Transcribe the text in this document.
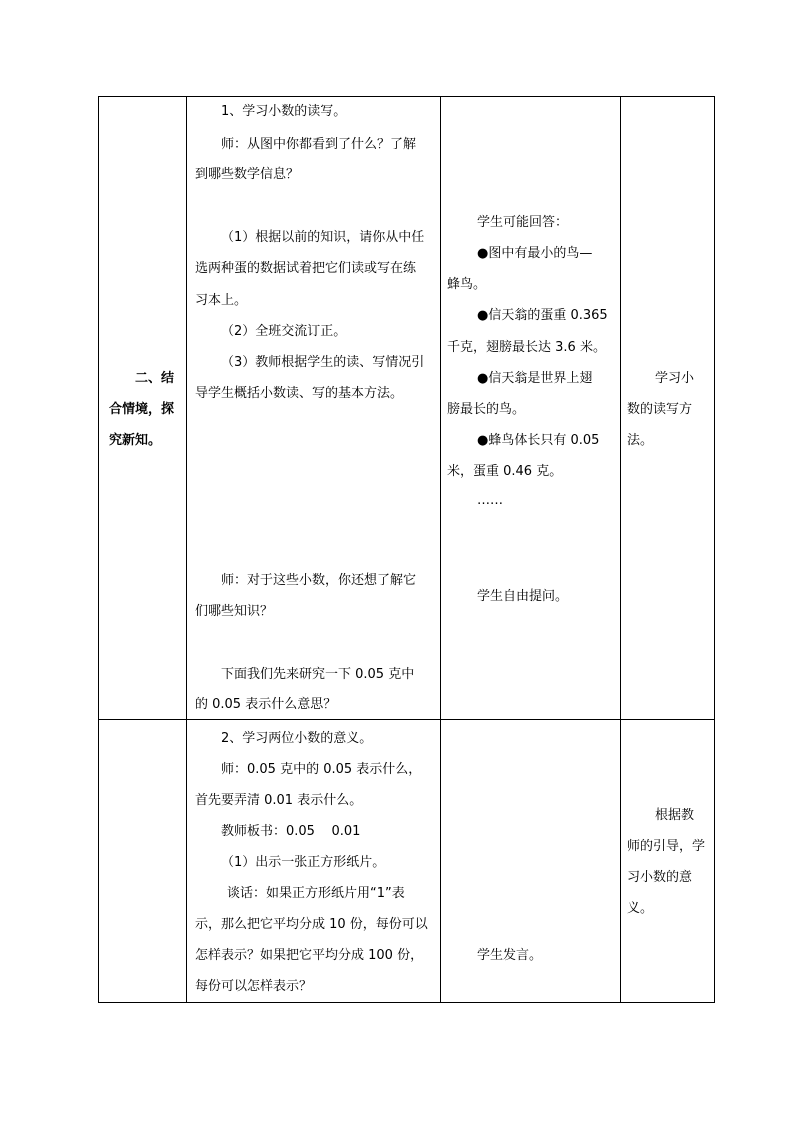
二、结
合情境，探
究新知。
1、学习小数的读写。
师：从图中你都看到了什么？了解
到哪些数学信息？
（1）根据以前的知识，请你从中任
选两种蛋的数据试着把它们读或写在练
习本上。
（2）全班交流订正。
（3）教师根据学生的读、写情况引
导学生概括小数读、写的基本方法。
师：对于这些小数，你还想了解它
们哪些知识？
下面我们先来研究一下 0.05 克中
的 0.05 表示什么意思？
学生可能回答：
●图中有最小的鸟—
蜂鸟。
●信天翁的蛋重 0.365
千克，翅膀最长达 3.6 米。
●信天翁是世界上翅
膀最长的鸟。
●蜂鸟体长只有 0.05
米，蛋重 0.46 克。
……
学生自由提问。
学习小
数的读写方
法。
2、学习两位小数的意义。
师：0.05 克中的 0.05 表示什么，
首先要弄清 0.01 表示什么。
教师板书：0.05    0.01
（1）出示一张正方形纸片。
谈话：如果正方形纸片用“1”表
示，那么把它平均分成 10 份，每份可以
怎样表示？如果把它平均分成 100 份，
每份可以怎样表示？
学生发言。
根据教
师的引导，学
习小数的意
义。
